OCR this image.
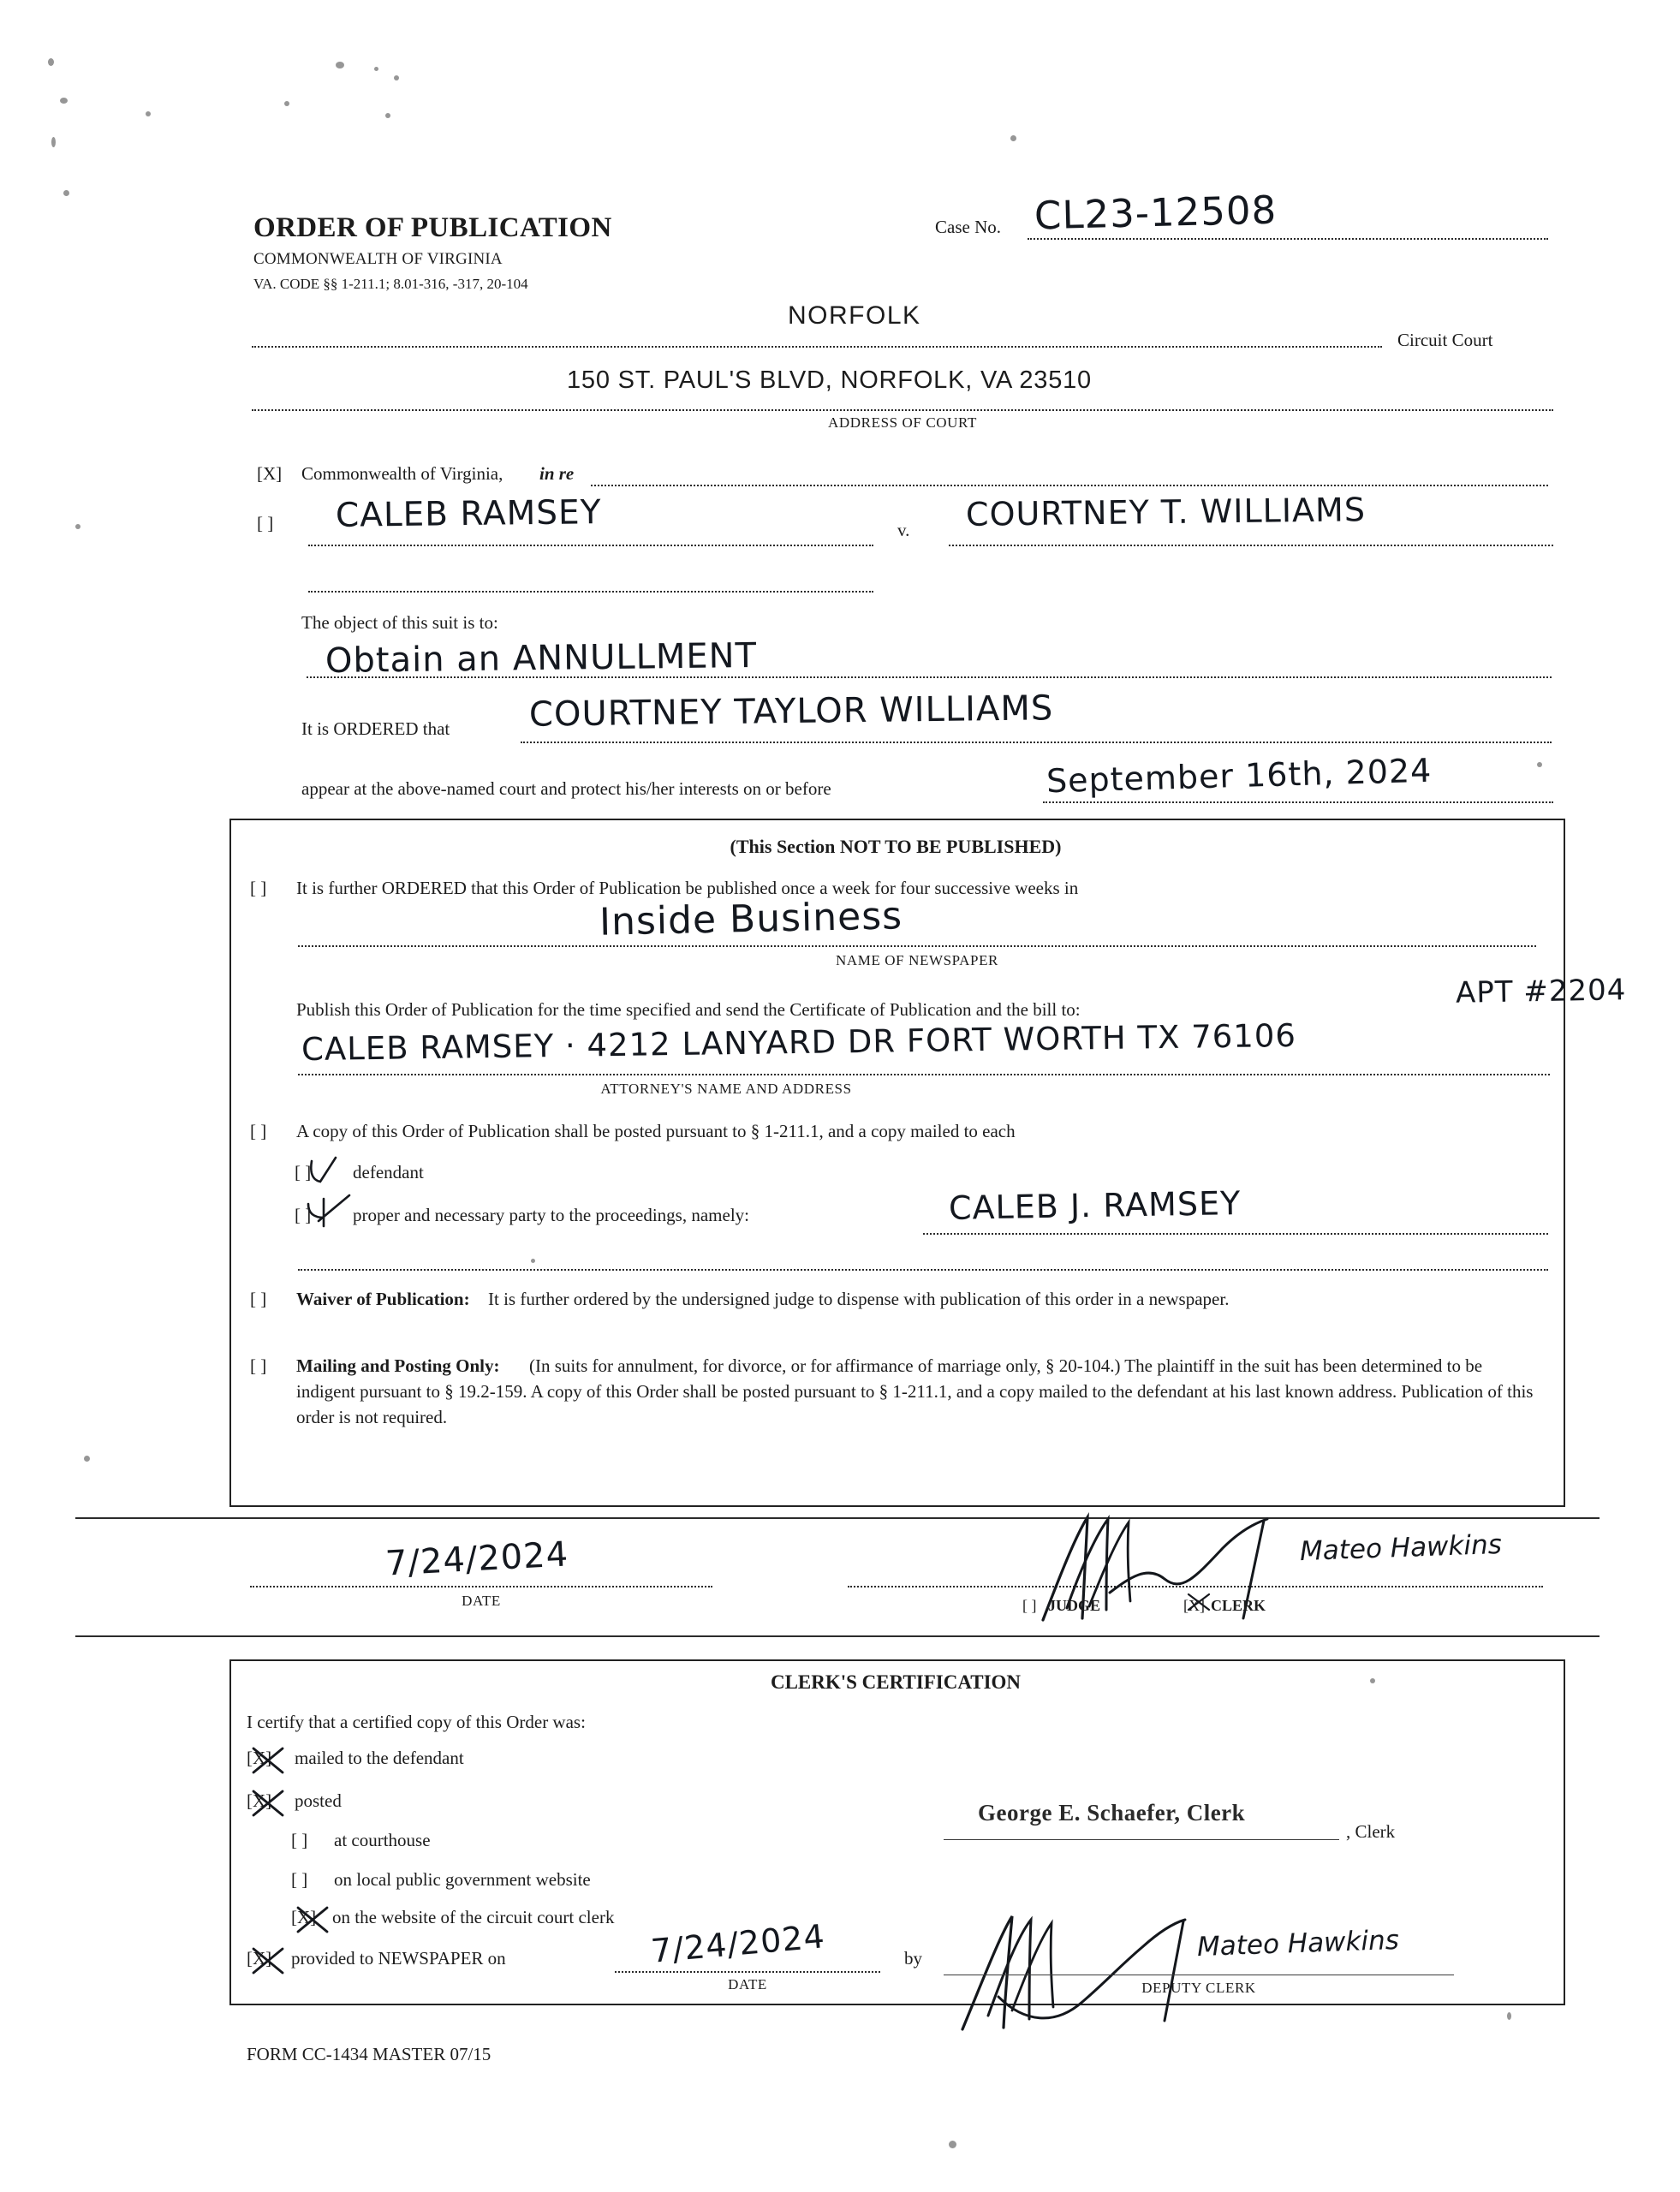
ORDER OF PUBLICATION
COMMONWEALTH OF VIRGINIA
VA. CODE §§ 1-211.1; 8.01-316, -317, 20-104
Case No. CL23-12508
NORFOLK
Circuit Court
150 ST. PAUL'S BLVD, NORFOLK, VA 23510
ADDRESS OF COURT
[X] Commonwealth of Virginia, in re
[ ] CALEB RAMSEY	v. COURTNEY T. WILLIAMS
The object of this suit is to:
Obtain an ANNULLMENT
It is ORDERED that COURTNEY TAYLOR WILLIAMS
appear at the above-named court and protect his/her interests on or before	September 16th, 2024
(This Section NOT TO BE PUBLISHED)
[ ] It is further ORDERED that this Order of Publication be published once a week for four successive weeks in
Inside Business
NAME OF NEWSPAPER
Publish this Order of Publication for the time specified and send the Certificate of Publication and the bill to:	APT #2204
CALEB RAMSEY · 4212 LANYARD DR FORT WORTH TX 76106
ATTORNEY'S NAME AND ADDRESS
[ ] A copy of this Order of Publication shall be posted pursuant to § 1-211.1, and a copy mailed to each
[ ] defendant
[ ] proper and necessary party to the proceedings, namely:	CALEB J. RAMSEY
[ ] Waiver of Publication:	It is further ordered by the undersigned judge to dispense with publication of this order in a newspaper.
[ ] Mailing and Posting Only:	(In suits for annulment, for divorce, or for affirmance of marriage only, § 20-104.) The plaintiff in the suit has been determined to be indigent pursuant to § 19.2-159. A copy of this Order shall be posted pursuant to § 1-211.1, and a copy mailed to the defendant at his last known address. Publication of this order is not required.
7/24/2024
DATE
Mateo Hawkins
[ ] JUDGE	[X] CLERK
CLERK'S CERTIFICATION
I certify that a certified copy of this Order was:
[X] mailed to the defendant
[X] posted
[ ] at courthouse
[ ] on local public government website
[X] on the website of the circuit court clerk
[X] provided to NEWSPAPER on	7/24/2024
DATE
by
George E. Schaefer, Clerk
, Clerk
Mateo Hawkins
DEPUTY CLERK
FORM CC-1434 MASTER 07/15
